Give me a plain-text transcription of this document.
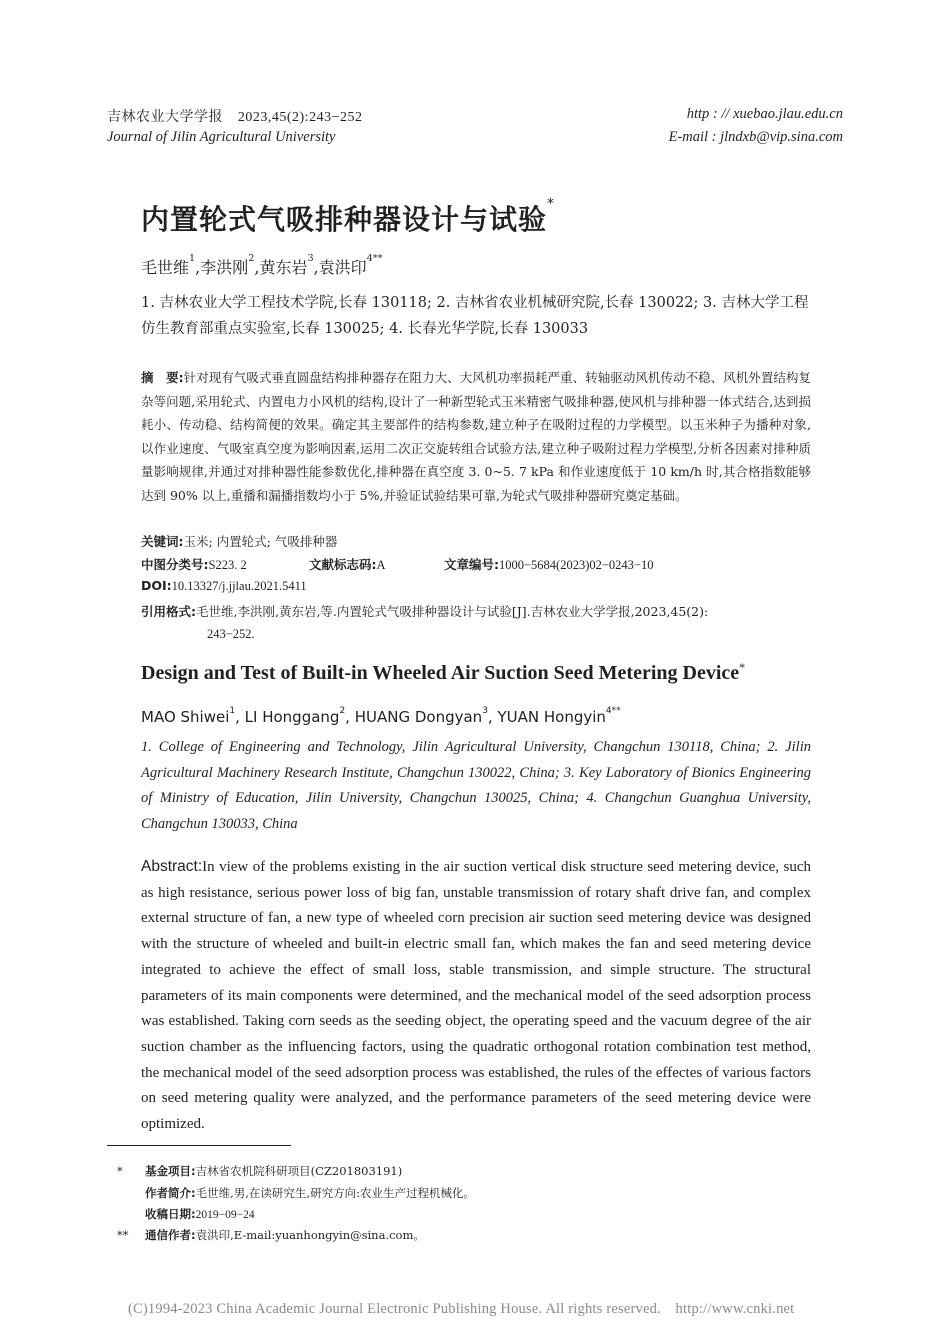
吉林农业大学学报 2023,45(2):243−252
Journal of Jilin Agricultural University
http : // xuebao.jlau.edu.cn
E-mail : jlndxb@vip.sina.com
内置轮式气吸排种器设计与试验*
毛世维$^1$,李洪刚$^2$,黄东岩$^3$,袁洪印$^{4**}$
1. 吉林农业大学工程技术学院,长春 130118; 2. 吉林省农业机械研究院,长春 130022; 3. 吉林大学工程仿生教育部重点实验室,长春 130025; 4. 长春光华学院,长春 130033
摘　要:针对现有气吸式垂直圆盘结构排种器存在阻力大、大风机功率损耗严重、转轴驱动风机传动不稳、风机外置结构复杂等问题,采用轮式、内置电力小风机的结构,设计了一种新型轮式玉米精密气吸排种器,使风机与排种器一体式结合,达到损耗小、传动稳、结构简便的效果。确定其主要部件的结构参数,建立种子在吸附过程的力学模型。以玉米种子为播种对象,以作业速度、气吸室真空度为影响因素,运用二次正交旋转组合试验方法,建立种子吸附过程力学模型,分析各因素对排种质量影响规律,并通过对排种器性能参数优化,排种器在真空度 3. 0~5. 7 kPa 和作业速度低于 10 km/h 时,其合格指数能够达到 90% 以上,重播和漏播指数均小于 5%,并验证试验结果可靠,为轮式气吸排种器研究奠定基础。
关键词:玉米; 内置轮式; 气吸排种器
中图分类号:S223. 2	文献标志码:A	文章编号:1000−5684(2023)02−0243−10
DOI:10.13327/j.jjlau.2021.5411
引用格式:毛世维,李洪刚,黄东岩,等.内置轮式气吸排种器设计与试验[J].吉林农业大学学报,2023,45(2):
243−252.
Design and Test of Built-in Wheeled Air Suction Seed Metering Device*
MAO Shiwei$^1$, LI Honggang$^2$, HUANG Dongyan$^3$, YUAN Hongyin$^{4**}$
1. College of Engineering and Technology, Jilin Agricultural University, Changchun 130118, China; 2. Jilin Agricultural Machinery Research Institute, Changchun 130022, China; 3. Key Laboratory of Bionics Engineering of Ministry of Education, Jilin University, Changchun 130025, China; 4. Changchun Guanghua University, Changchun 130033, China
Abstract:In view of the problems existing in the air suction vertical disk structure seed metering device, such as high resistance, serious power loss of big fan, unstable transmission of rotary shaft drive fan, and complex external structure of fan, a new type of wheeled corn precision air suction seed metering device was designed with the structure of wheeled and built-in electric small fan, which makes the fan and seed metering device integrated to achieve the effect of small loss, stable transmission, and simple structure. The structural parameters of its main components were determined, and the mechanical model of the seed adsorption process was established. Taking corn seeds as the seeding object, the operating speed and the vacuum degree of the air suction chamber as the influencing factors, using the quadratic orthogonal rotation combination test method, the mechanical model of the seed adsorption process was established, the rules of the effectes of various factors on seed metering quality were analyzed, and the performance parameters of the seed metering device were optimized.
* 基金项目:吉林省农机院科研项目(CZ201803191)
作者简介:毛世维,男,在读研究生,研究方向:农业生产过程机械化。
收稿日期:2019−09−24
** 通信作者:袁洪印,E-mail:yuanhongyin@sina.com。
(C)1994-2023 China Academic Journal Electronic Publishing House. All rights reserved.　http://www.cnki.net
